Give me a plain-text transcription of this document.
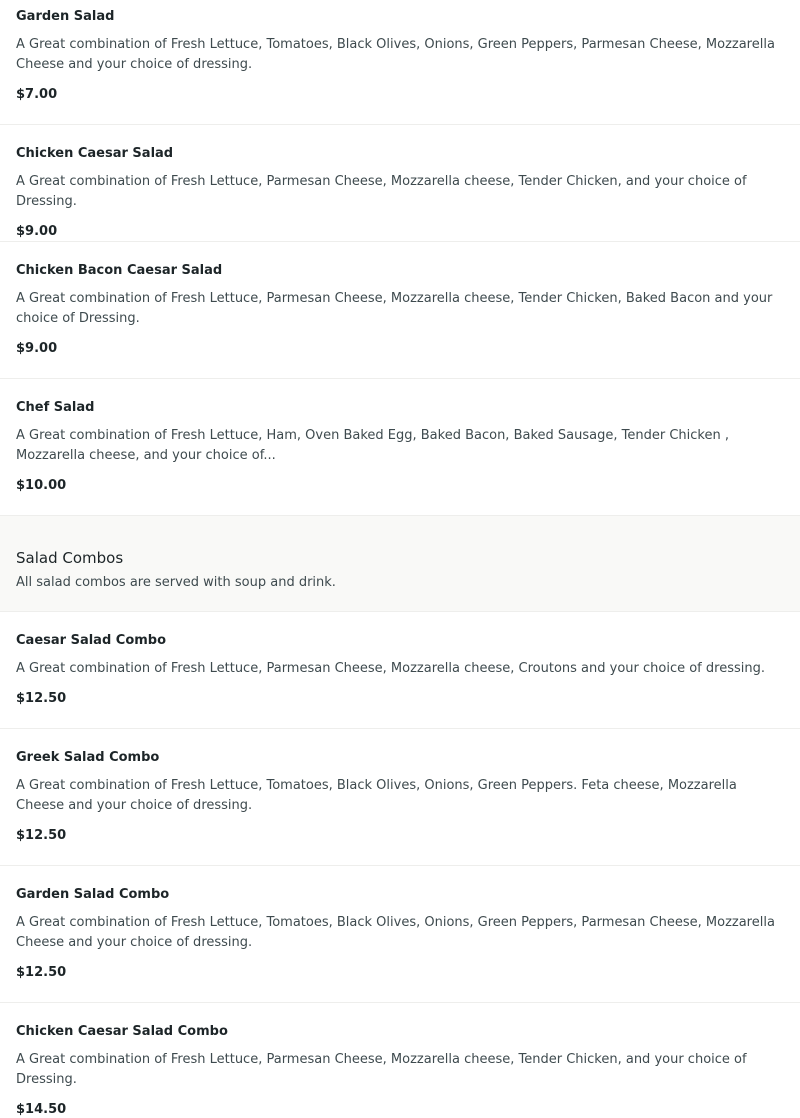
Garden Salad

A Great combination of Fresh Lettuce, Tomatoes, Black Olives, Onions, Green Peppers, Parmesan Cheese, Mozzarella Cheese and your choice of dressing.

$7.00

Chicken Caesar Salad

A Great combination of Fresh Lettuce, Parmesan Cheese, Mozzarella cheese, Tender Chicken, and your choice of Dressing.

$9.00

Chicken Bacon Caesar Salad

A Great combination of Fresh Lettuce, Parmesan Cheese, Mozzarella cheese, Tender Chicken, Baked Bacon and your choice of Dressing.

$9.00

Chef Salad

A Great combination of Fresh Lettuce, Ham, Oven Baked Egg, Baked Bacon, Baked Sausage, Tender Chicken , Mozzarella cheese, and your choice of...

$10.00

Salad Combos

All salad combos are served with soup and drink.

Caesar Salad Combo

A Great combination of Fresh Lettuce, Parmesan Cheese, Mozzarella cheese, Croutons and your choice of dressing.

$12.50

Greek Salad Combo

A Great combination of Fresh Lettuce, Tomatoes, Black Olives, Onions, Green Peppers. Feta cheese, Mozzarella Cheese and your choice of dressing.

$12.50

Garden Salad Combo

A Great combination of Fresh Lettuce, Tomatoes, Black Olives, Onions, Green Peppers, Parmesan Cheese, Mozzarella Cheese and your choice of dressing.

$12.50

Chicken Caesar Salad Combo

A Great combination of Fresh Lettuce, Parmesan Cheese, Mozzarella cheese, Tender Chicken, and your choice of Dressing.

$14.50
